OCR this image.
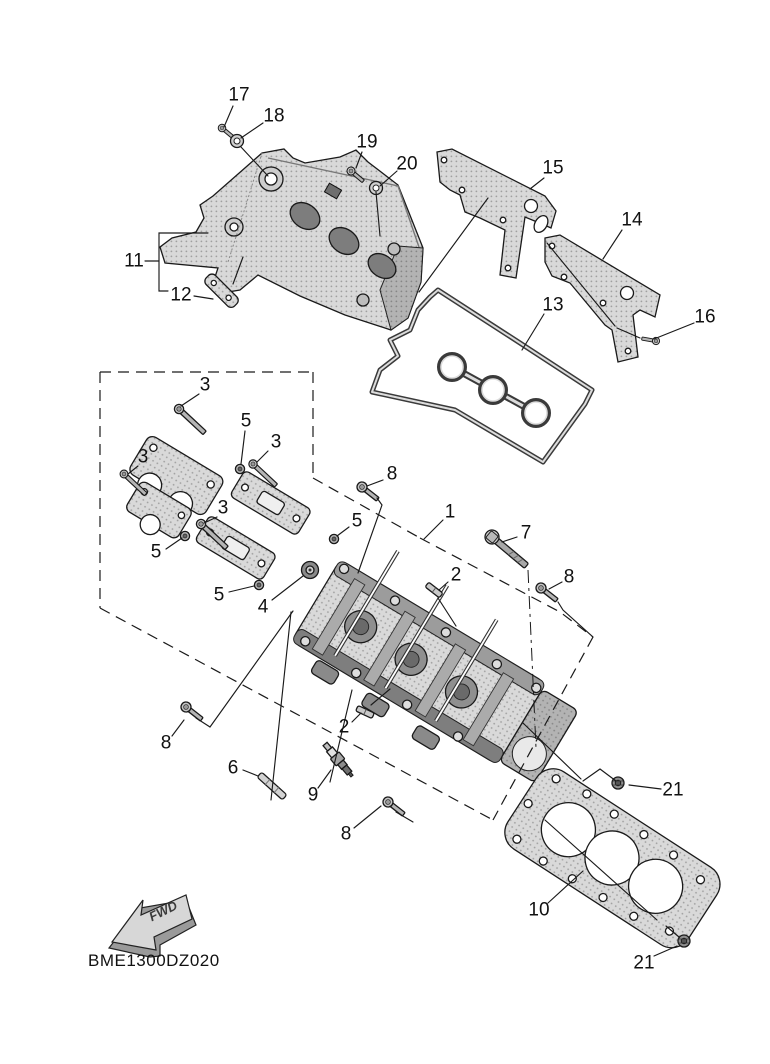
FWD
BME1300DZ020
17
18
19
20	15
14
16
13
11
12
3
3
3
3
5
5
5
5
4
8
8
8
8
1
7
2
2
6
9
10
21
21
